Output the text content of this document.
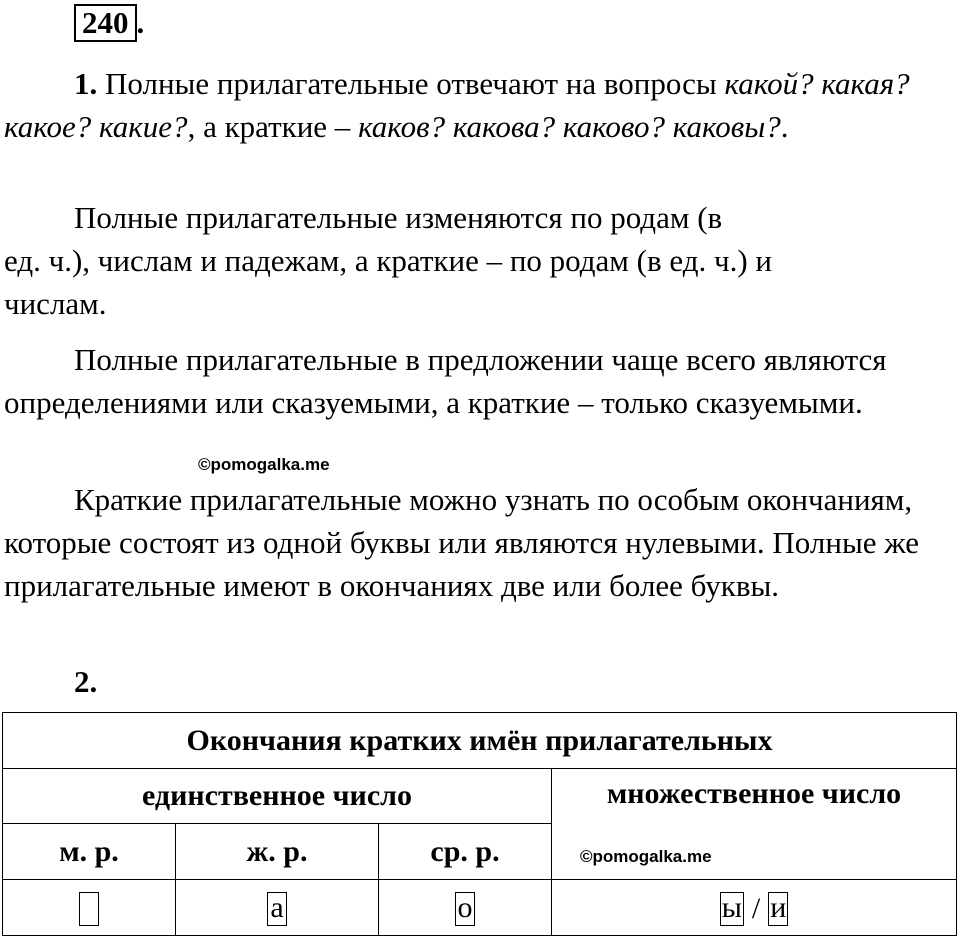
240 .

1. Полные прилагательные отвечают на вопросы какой? какая? какое? какие?, а краткие – каков? какова? каково? каковы?.

Полные прилагательные изменяются по родам (в
ед. ч.), числам и падежам, а краткие – по родам (в ед. ч.) и
числам.

Полные прилагательные в предложении чаще всего являются определениями или сказуемыми, а краткие – только сказуемыми.

©pomogalka.me

Краткие прилагательные можно узнать по особым окончаниям, которые состоят из одной буквы или являются нулевыми. Полные же прилагательные имеют в окончаниях две или более буквы.

2.
Окончания кратких имён прилагательных			
единственное число			множественное число
©pomogalka.me

м. р.	ж. р.	ср. р.	
	а	о	ы / и
